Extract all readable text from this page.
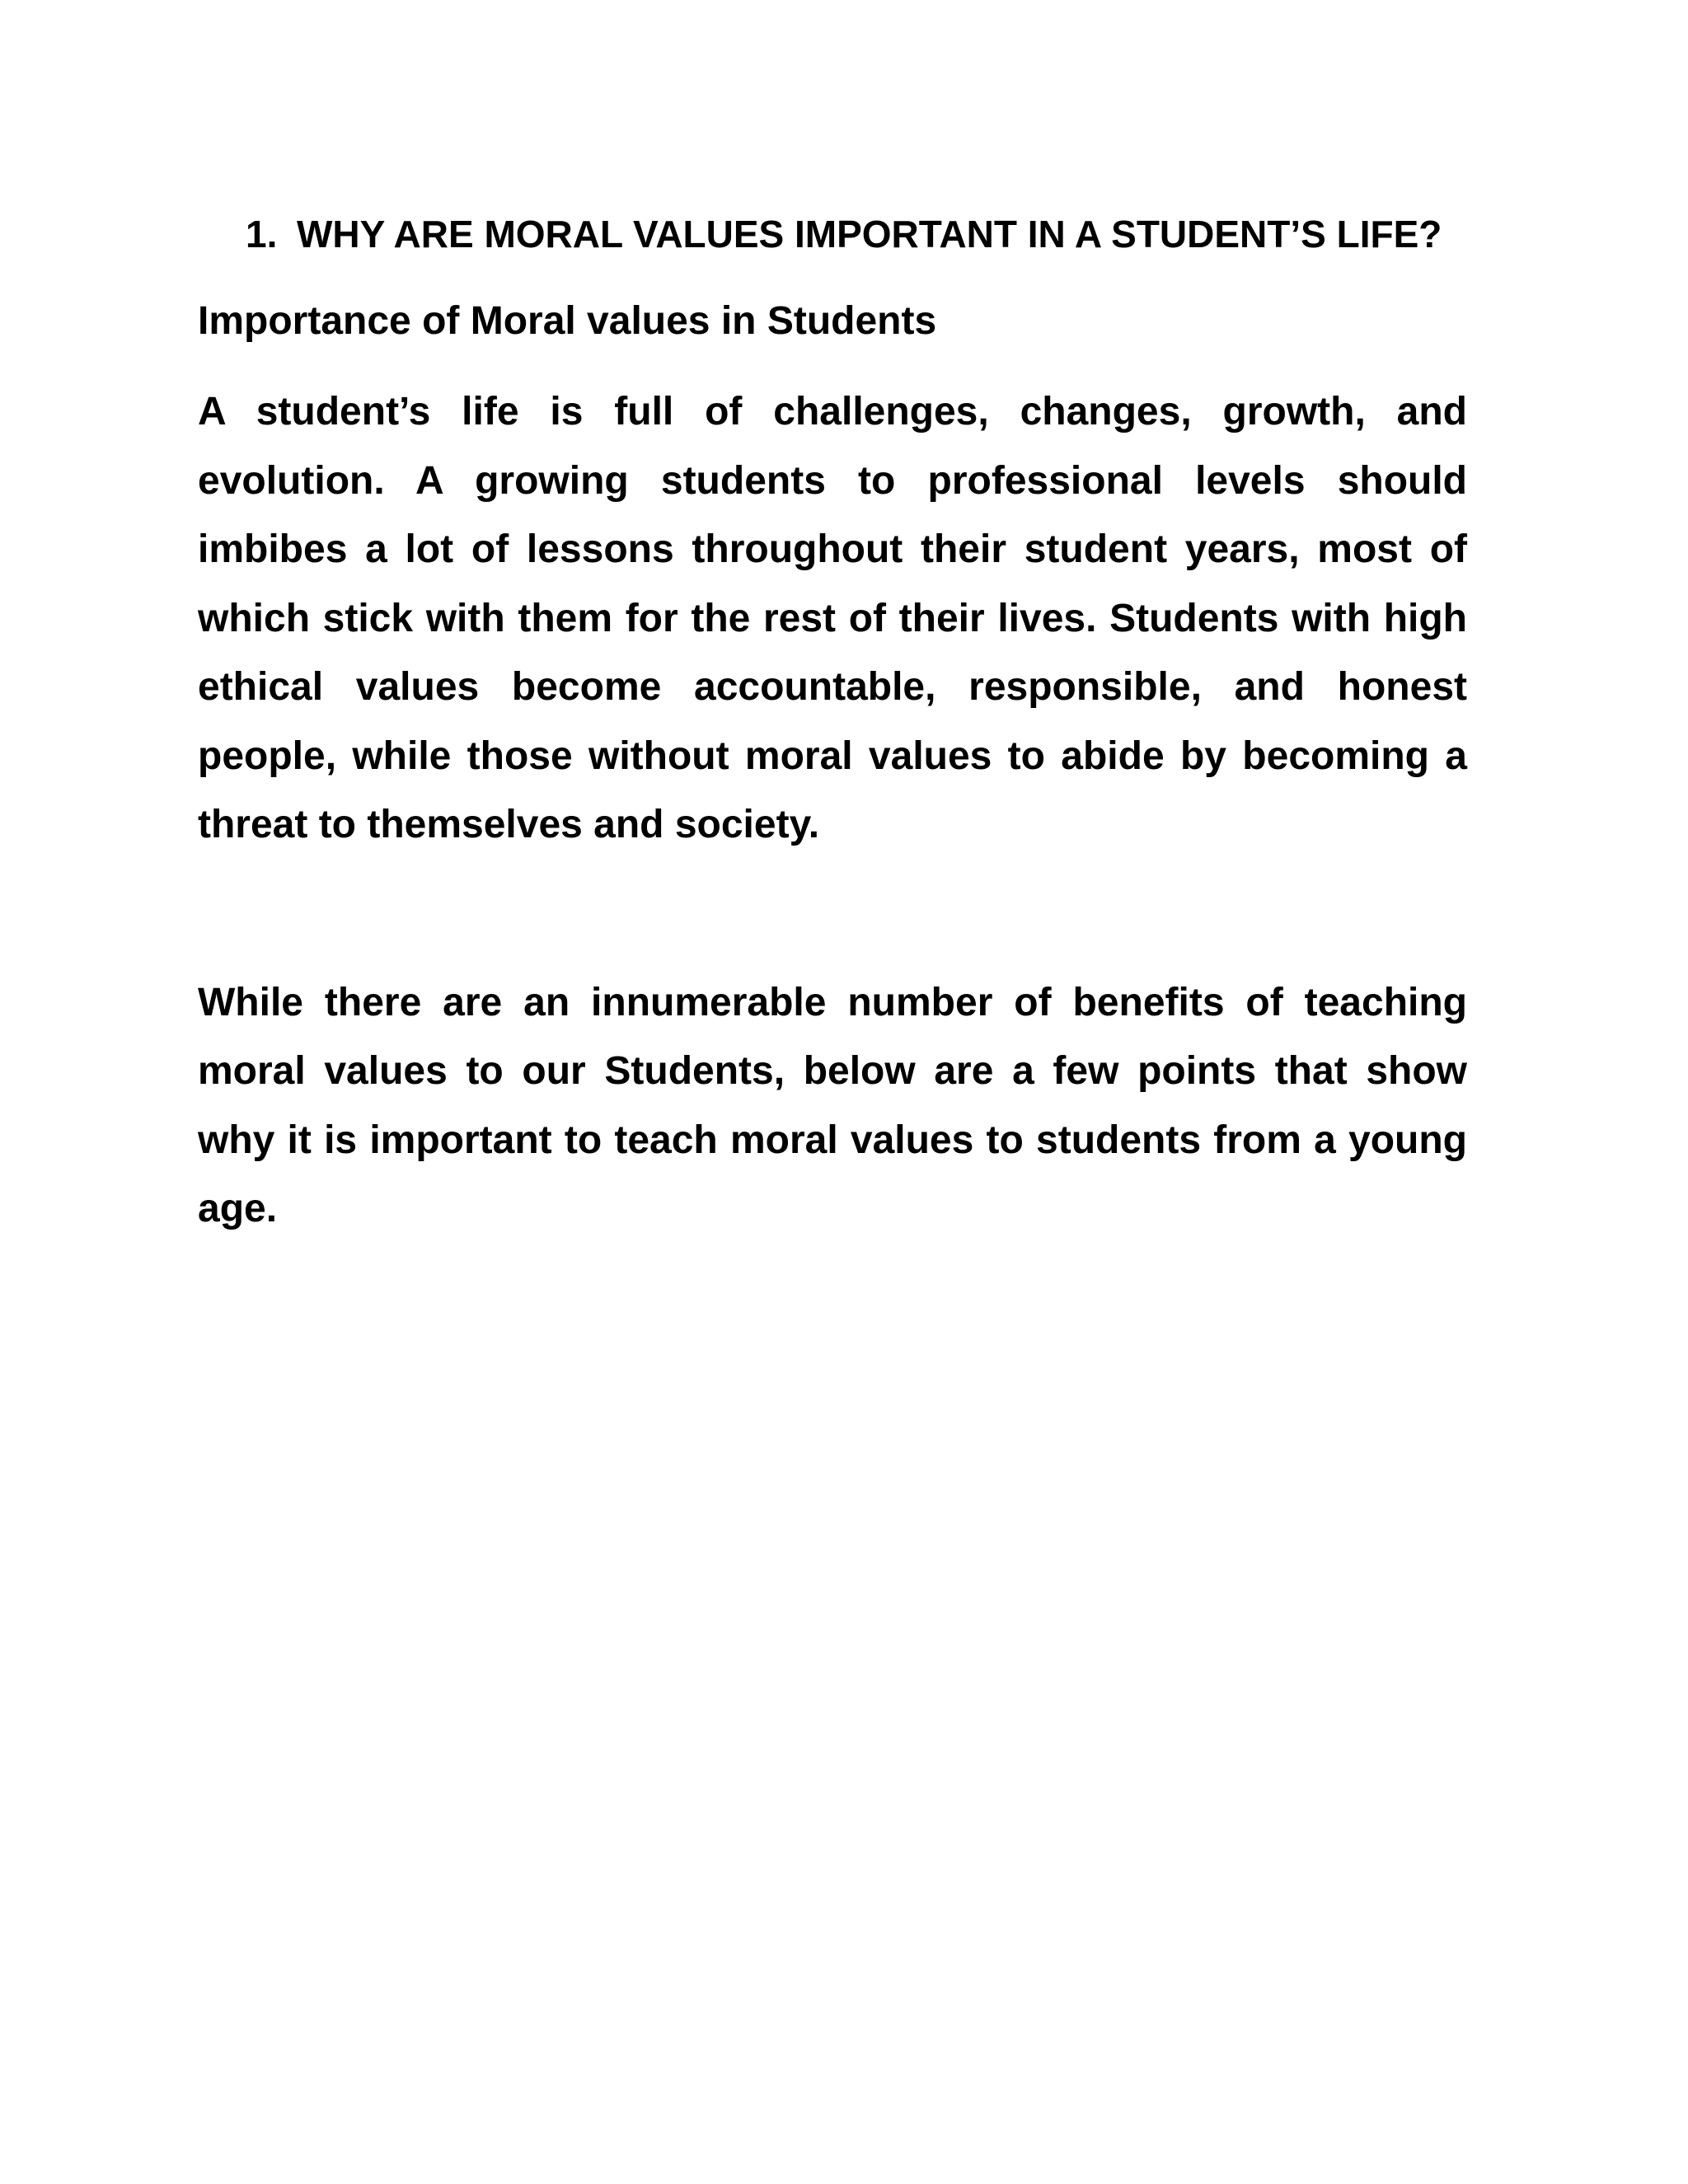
1. WHY ARE MORAL VALUES IMPORTANT IN A STUDENT’S LIFE?
Importance of Moral values in Students

A student’s life is full of challenges, changes, growth, and evolution. A growing students to professional levels should imbibes a lot of lessons throughout their student years, most of which stick with them for the rest of their lives. Students with high ethical values become accountable, responsible, and honest people, while those without moral values to abide by becoming a threat to themselves and society.

While there are an innumerable number of benefits of teaching moral values to our Students, below are a few points that show why it is important to teach moral values to students from a young age.
